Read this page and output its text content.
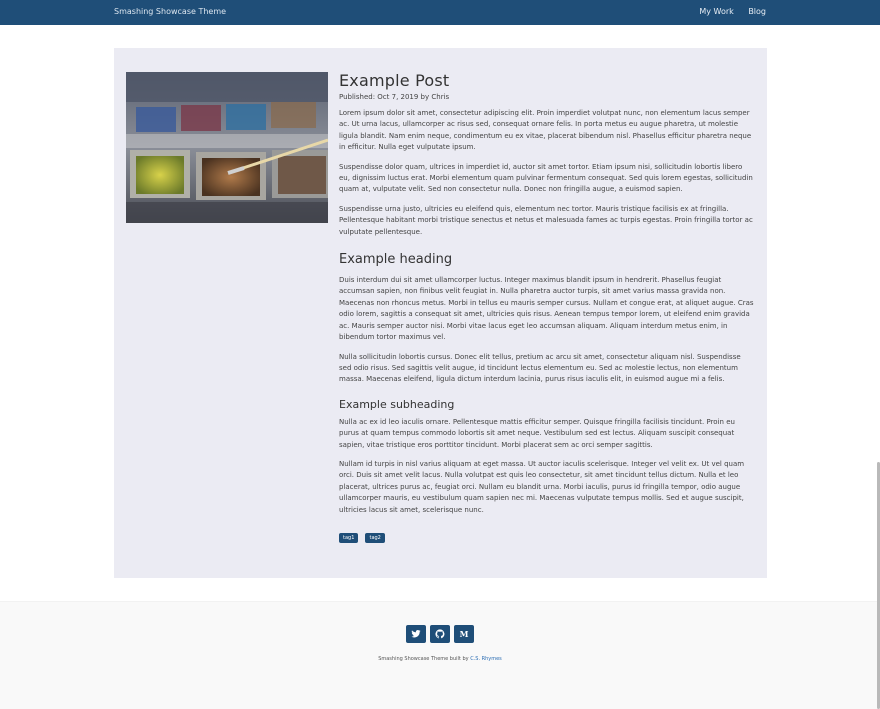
Smashing Showcase Theme	My Work Blog
Example Post
Published: Oct 7, 2019 by Chris

Lorem ipsum dolor sit amet, consectetur adipiscing elit. Proin imperdiet volutpat nunc, non elementum lacus semper ac. Ut urna lacus, ullamcorper ac risus sed, consequat ornare felis. In porta metus eu augue pharetra, ut molestie ligula blandit. Nam enim neque, condimentum eu ex vitae, placerat bibendum nisl. Phasellus efficitur pharetra neque in efficitur. Nulla eget vulputate ipsum.

Suspendisse dolor quam, ultrices in imperdiet id, auctor sit amet tortor. Etiam ipsum nisi, sollicitudin lobortis libero eu, dignissim luctus erat. Morbi elementum quam pulvinar fermentum consequat. Sed quis lorem egestas, sollicitudin quam at, vulputate velit. Sed non consectetur nulla. Donec non fringilla augue, a euismod sapien.

Suspendisse urna justo, ultricies eu eleifend quis, elementum nec tortor. Mauris tristique facilisis ex at fringilla. Pellentesque habitant morbi tristique senectus et netus et malesuada fames ac turpis egestas. Proin fringilla tortor ac vulputate pellentesque.

Example heading

Duis interdum dui sit amet ullamcorper luctus. Integer maximus blandit ipsum in hendrerit. Phasellus feugiat accumsan sapien, non finibus velit feugiat in. Nulla pharetra auctor turpis, sit amet varius massa gravida non. Maecenas non rhoncus metus. Morbi in tellus eu mauris semper cursus. Nullam et congue erat, at aliquet augue. Cras odio lorem, sagittis a consequat sit amet, ultricies quis risus. Aenean tempus tempor lorem, ut eleifend enim gravida ac. Mauris semper auctor nisi. Morbi vitae lacus eget leo accumsan aliquam. Aliquam interdum metus enim, in bibendum tortor maximus vel.

Nulla sollicitudin lobortis cursus. Donec elit tellus, pretium ac arcu sit amet, consectetur aliquam nisl. Suspendisse sed odio risus. Sed sagittis velit augue, id tincidunt lectus elementum eu. Sed ac molestie lectus, non elementum massa. Maecenas eleifend, ligula dictum interdum lacinia, purus risus iaculis elit, in euismod augue mi a felis.

Example subheading

Nulla ac ex id leo iaculis ornare. Pellentesque mattis efficitur semper. Quisque fringilla facilisis tincidunt. Proin eu purus at quam tempus commodo lobortis sit amet neque. Vestibulum sed est lectus. Aliquam suscipit consequat sapien, vitae tristique eros porttitor tincidunt. Morbi placerat sem ac orci semper sagittis.

Nullam id turpis in nisl varius aliquam at eget massa. Ut auctor iaculis scelerisque. Integer vel velit ex. Ut vel quam orci. Duis sit amet velit lacus. Nulla volutpat est quis leo consectetur, sit amet tincidunt tellus dictum. Nulla et leo placerat, ultrices purus ac, feugiat orci. Nullam eu blandit urna. Morbi iaculis, purus id fringilla tempor, odio augue ullamcorper mauris, eu vestibulum quam sapien nec mi. Maecenas vulputate tempus mollis. Sed et augue suscipit, ultricies lacus sit amet, scelerisque nunc.

tag1	tag2

M
Smashing Showcase Theme built by C.S. Rhymes
